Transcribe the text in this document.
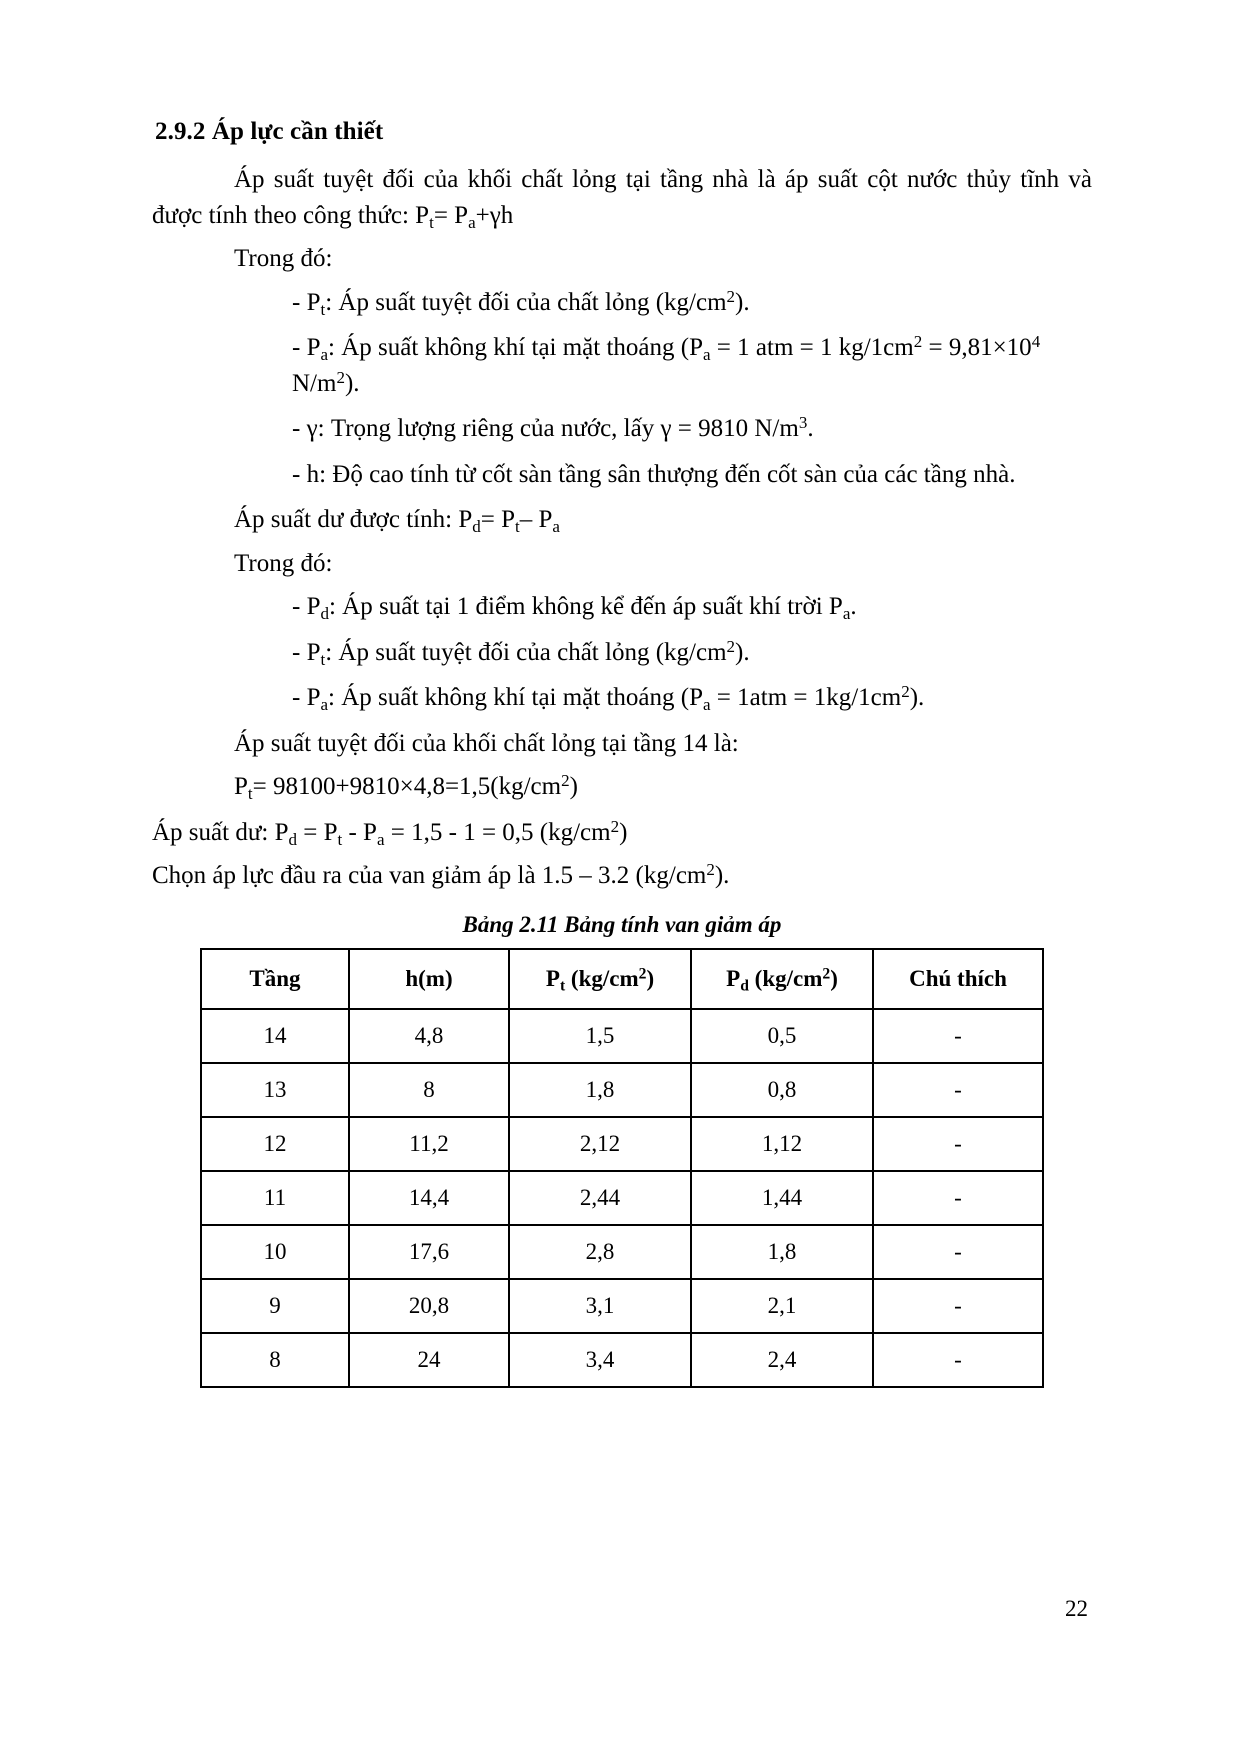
2.9.2 Áp lực cần thiết

Áp suất tuyệt đối của khối chất lỏng tại tầng nhà là áp suất cột nước thủy tĩnh và được tính theo công thức: $P_t= P_a+\gamma h$

Trong đó:

- $P_t$: Áp suất tuyệt đối của chất lỏng $(kg/cm^2)$.

- $P_a$: Áp suất không khí tại mặt thoáng ($P_a = 1$ atm = 1 $kg/1cm^2 = 9,81\times 10^4$ $N/m^2$).

- γ: Trọng lượng riêng của nước, lấy γ = 9810 $N/m^3$.

- h: Độ cao tính từ cốt sàn tầng sân thượng đến cốt sàn của các tầng nhà.

Áp suất dư được tính: $P_d= P_t-$ $P_a$

Trong đó:

- $P_d$: Áp suất tại 1 điểm không kể đến áp suất khí trời $P_a$.

- $P_t$: Áp suất tuyệt đối của chất lỏng $(kg/cm^2)$.

- $P_a$: Áp suất không khí tại mặt thoáng $(P_a = 1atm = 1kg/1cm^2)$.

Áp suất tuyệt đối của khối chất lỏng tại tầng 14 là:

$P_t= 98100+9810\times 4,8=1,5(kg/cm^2)$

Áp suất dư: $P_d = P_t - P_a = 1,5 - 1 = 0,5$ $(kg/cm^2)$

Chọn áp lực đầu ra của van giảm áp là 1.5 – 3.2 $(kg/cm^2)$.

Bảng 2.11 Bảng tính van giảm áp
Tầng	h(m)	$P_t$ $(kg/cm^2)$	$P_d$ $(kg/cm^2)$	Chú thích
14	4,8	1,5	0,5	-
13	8	1,8	0,8	-
12	11,2	2,12	1,12	-
11	14,4	2,44	1,44	-
10	17,6	2,8	1,8	-
9	20,8	3,1	2,1	-
8	24	3,4	2,4	-
22
